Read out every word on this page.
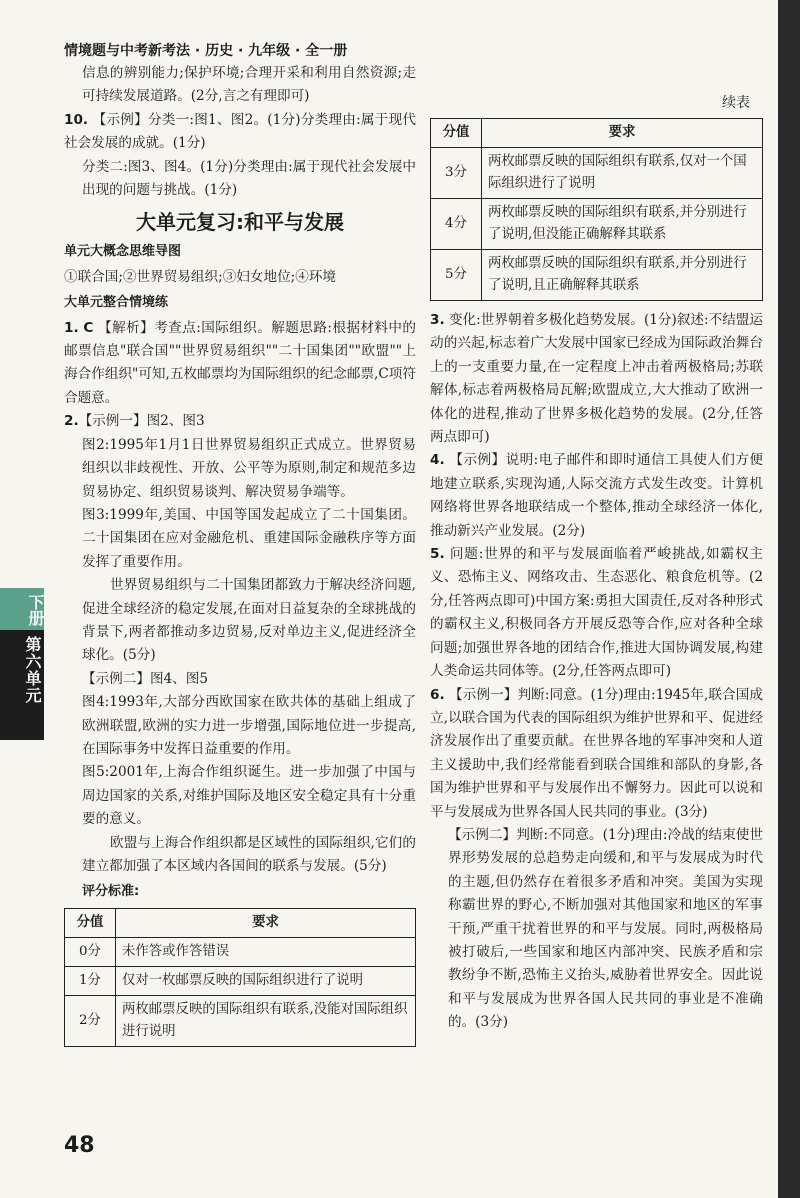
情境题与中考新考法 · 历史 · 九年级 · 全一册
下册
第六单元

信息的辨别能力;保护环境;合理开采和利用自然资源;走可持续发展道路。(2分,言之有理即可)

10. 【示例】分类一:图1、图2。(1分)分类理由:属于现代社会发展的成就。(1分)

分类二:图3、图4。(1分)分类理由:属于现代社会发展中出现的问题与挑战。(1分)

大单元复习:和平与发展
单元大概念思维导图

①联合国;②世界贸易组织;③妇女地位;④环境

大单元整合情境练

1. C 【解析】考查点:国际组织。解题思路:根据材料中的邮票信息"联合国""世界贸易组织""二十国集团""欧盟""上海合作组织"可知,五枚邮票均为国际组织的纪念邮票,C项符合题意。

2.【示例一】图2、图3

图2:1995年1月1日世界贸易组织正式成立。世界贸易组织以非歧视性、开放、公平等为原则,制定和规范多边贸易协定、组织贸易谈判、解决贸易争端等。

图3:1999年,美国、中国等国发起成立了二十国集团。二十国集团在应对金融危机、重建国际金融秩序等方面发挥了重要作用。

世界贸易组织与二十国集团都致力于解决经济问题,促进全球经济的稳定发展,在面对日益复杂的全球挑战的背景下,两者都推动多边贸易,反对单边主义,促进经济全球化。(5分)

【示例二】图4、图5

图4:1993年,大部分西欧国家在欧共体的基础上组成了欧洲联盟,欧洲的实力进一步增强,国际地位进一步提高,在国际事务中发挥日益重要的作用。

图5:2001年,上海合作组织诞生。进一步加强了中国与周边国家的关系,对维护国际及地区安全稳定具有十分重要的意义。

欧盟与上海合作组织都是区域性的国际组织,它们的建立都加强了本区域内各国间的联系与发展。(5分)

评分标准:
分值	要求
0分	未作答或作答错误
1分	仅对一枚邮票反映的国际组织进行了说明
2分	两枚邮票反映的国际组织有联系,没能对国际组织进行说明
续表
分值	要求
3分	两枚邮票反映的国际组织有联系,仅对一个国际组织进行了说明
4分	两枚邮票反映的国际组织有联系,并分别进行了说明,但没能正确解释其联系
5分	两枚邮票反映的国际组织有联系,并分别进行了说明,且正确解释其联系

3. 变化:世界朝着多极化趋势发展。(1分)叙述:不结盟运动的兴起,标志着广大发展中国家已经成为国际政治舞台上的一支重要力量,在一定程度上冲击着两极格局;苏联解体,标志着两极格局瓦解;欧盟成立,大大推动了欧洲一体化的进程,推动了世界多极化趋势的发展。(2分,任答两点即可)

4. 【示例】说明:电子邮件和即时通信工具使人们方便地建立联系,实现沟通,人际交流方式发生改变。计算机网络将世界各地联结成一个整体,推动全球经济一体化,推动新兴产业发展。(2分)

5. 问题:世界的和平与发展面临着严峻挑战,如霸权主义、恐怖主义、网络攻击、生态恶化、粮食危机等。(2分,任答两点即可)中国方案:勇担大国责任,反对各种形式的霸权主义,积极同各方开展反恐等合作,应对各种全球问题;加强世界各地的团结合作,推进大国协调发展,构建人类命运共同体等。(2分,任答两点即可)

6. 【示例一】判断:同意。(1分)理由:1945年,联合国成立,以联合国为代表的国际组织为维护世界和平、促进经济发展作出了重要贡献。在世界各地的军事冲突和人道主义援助中,我们经常能看到联合国维和部队的身影,各国为维护世界和平与发展作出不懈努力。因此可以说和平与发展成为世界各国人民共同的事业。(3分)

【示例二】判断:不同意。(1分)理由:冷战的结束使世界形势发展的总趋势走向缓和,和平与发展成为时代的主题,但仍然存在着很多矛盾和冲突。美国为实现称霸世界的野心,不断加强对其他国家和地区的军事干预,严重干扰着世界的和平与发展。同时,两极格局被打破后,一些国家和地区内部冲突、民族矛盾和宗教纷争不断,恐怖主义抬头,威胁着世界安全。因此说和平与发展成为世界各国人民共同的事业是不准确的。(3分)

48
